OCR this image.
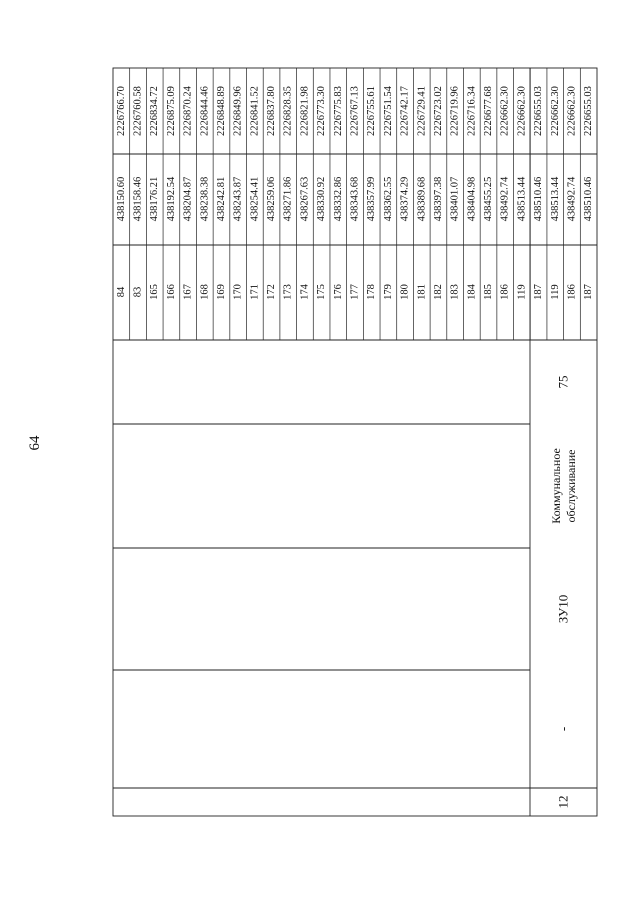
64
12
-
ЗУ10
Коммунальное обслуживание
75
84
438150.60
2226766.70
83
438158.46
2226760.58
165
438176.21
2226834.72
166
438192.54
2226875.09
167
438204.87
2226870.24
168
438238.38
2226844.46
169
438242.81
2226848.89
170
438243.87
2226849.96
171
438254.41
2226841.52
172
438259.06
2226837.80
173
438271.86
2226828.35
174
438267.63
2226821.98
175
438330.92
2226773.30
176
438332.86
2226775.83
177
438343.68
2226767.13
178
438357.99
2226755.61
179
438362.55
2226751.54
180
438374.29
2226742.17
181
438389.68
2226729.41
182
438397.38
2226723.02
183
438401.07
2226719.96
184
438404.98
2226716.34
185
438455.25
2226677.68
186
438492.74
2226662.30
119
438513.44
2226662.30
187
438510.46
2226655.03
119
438513.44
2226662.30
186
438492.74
2226662.30
187
438510.46
2226655.03
